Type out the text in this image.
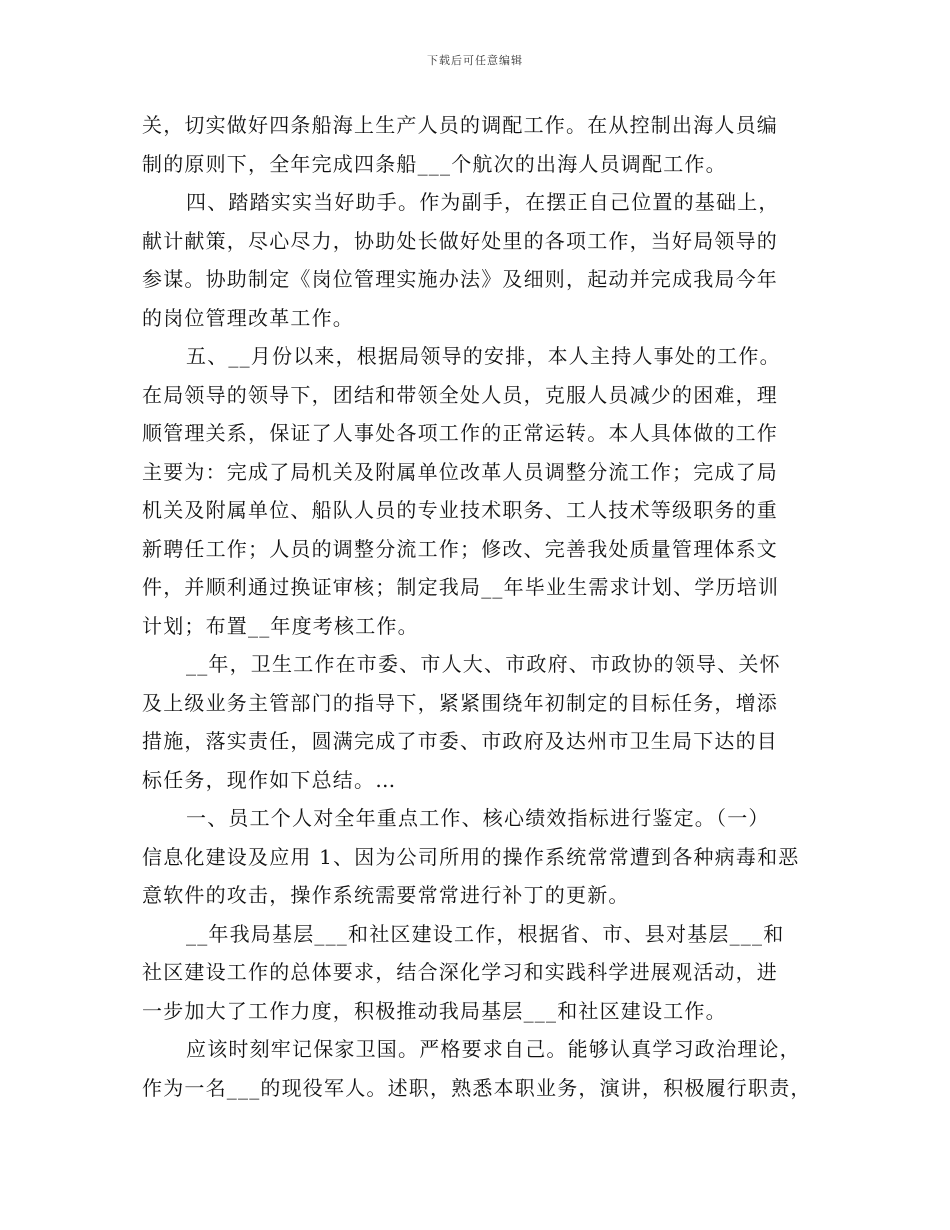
下载后可任意编辑

关，切实做好四条船海上生产人员的调配工作。在从控制出海人员编
制的原则下，全年完成四条船___个航次的出海人员调配工作。

四、踏踏实实当好助手。作为副手，在摆正自己位置的基础上，
献计献策，尽心尽力，协助处长做好处里的各项工作，当好局领导的
参谋。协助制定《岗位管理实施办法》及细则，起动并完成我局今年
的岗位管理改革工作。

五、__月份以来，根据局领导的安排，本人主持人事处的工作。
在局领导的领导下，团结和带领全处人员，克服人员减少的困难，理
顺管理关系，保证了人事处各项工作的正常运转。本人具体做的工作
主要为：完成了局机关及附属单位改革人员调整分流工作；完成了局
机关及附属单位、船队人员的专业技术职务、工人技术等级职务的重
新聘任工作；人员的调整分流工作；修改、完善我处质量管理体系文
件，并顺利通过换证审核；制定我局__年毕业生需求计划、学历培训
计划；布置__年度考核工作。

__年，卫生工作在市委、市人大、市政府、市政协的领导、关怀
及上级业务主管部门的指导下，紧紧围绕年初制定的目标任务，增添
措施，落实责任，圆满完成了市委、市政府及达州市卫生局下达的目
标任务，现作如下总结。…

一、员工个人对全年重点工作、核心绩效指标进行鉴定。（一）
信息化建设及应用 1、因为公司所用的操作系统常常遭到各种病毒和恶
意软件的攻击，操作系统需要常常进行补丁的更新。

__年我局基层___和社区建设工作，根据省、市、县对基层___和
社区建设工作的总体要求，结合深化学习和实践科学进展观活动，进
一步加大了工作力度，积极推动我局基层___和社区建设工作。

应该时刻牢记保家卫国。严格要求自己。能够认真学习政治理论，
作为一名___的现役军人。述职，熟悉本职业务，演讲，积极履行职责，
